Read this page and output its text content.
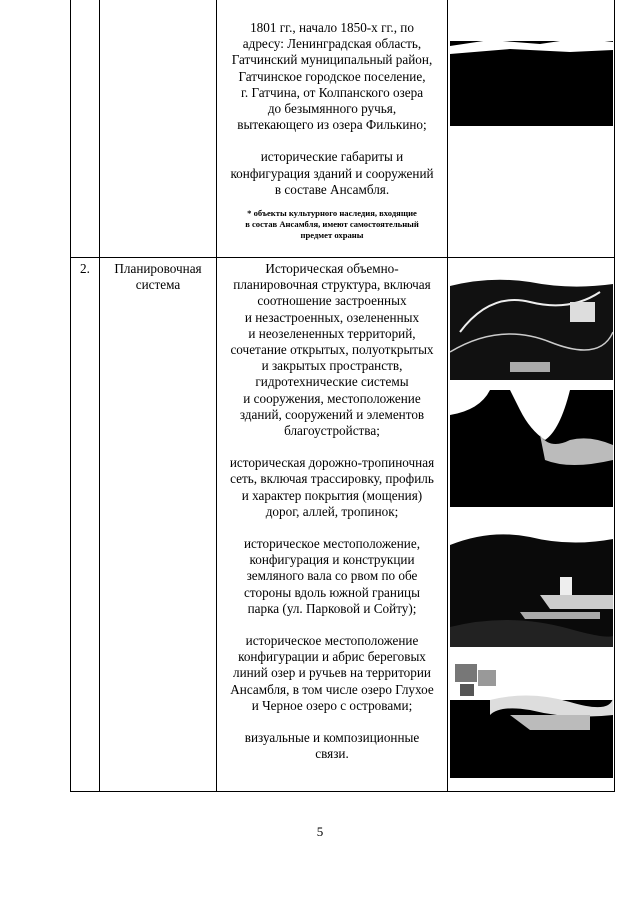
1801 гг., начало 1850-х гг., по
адресу: Ленинградская область,
Гатчинский муниципальный район,
Гатчинское городское поселение,
г. Гатчина, от Колпанского озера
до безымянного ручья,
вытекающего из озера Филькино;
исторические габариты и
конфигурация зданий и сооружений
в составе Ансамбля.
* объекты культурного наследия, входящие
в состав Ансамбля, имеют самостоятельный
предмет охраны
2.	Планировочная
система
Историческая объемно-
планировочная структура, включая
соотношение застроенных
и незастроенных, озелененных
и неозелененных территорий,
сочетание открытых, полуоткрытых
и закрытых пространств,
гидротехнические системы
и сооружения, местоположение
зданий, сооружений и элементов
благоустройства;
историческая дорожно-тропиночная
сеть, включая трассировку, профиль
и характер покрытия (мощения)
дорог, аллей, тропинок;
историческое местоположение,
конфигурация и конструкции
земляного вала со рвом по обе
стороны вдоль южной границы
парка (ул. Парковой и Сойту);
историческое местоположение
конфигурации и абрис береговых
линий озер и ручьев на территории
Ансамбля, в том числе озеро Глухое
и Черное озеро с островами;
визуальные и композиционные
связи.
5
